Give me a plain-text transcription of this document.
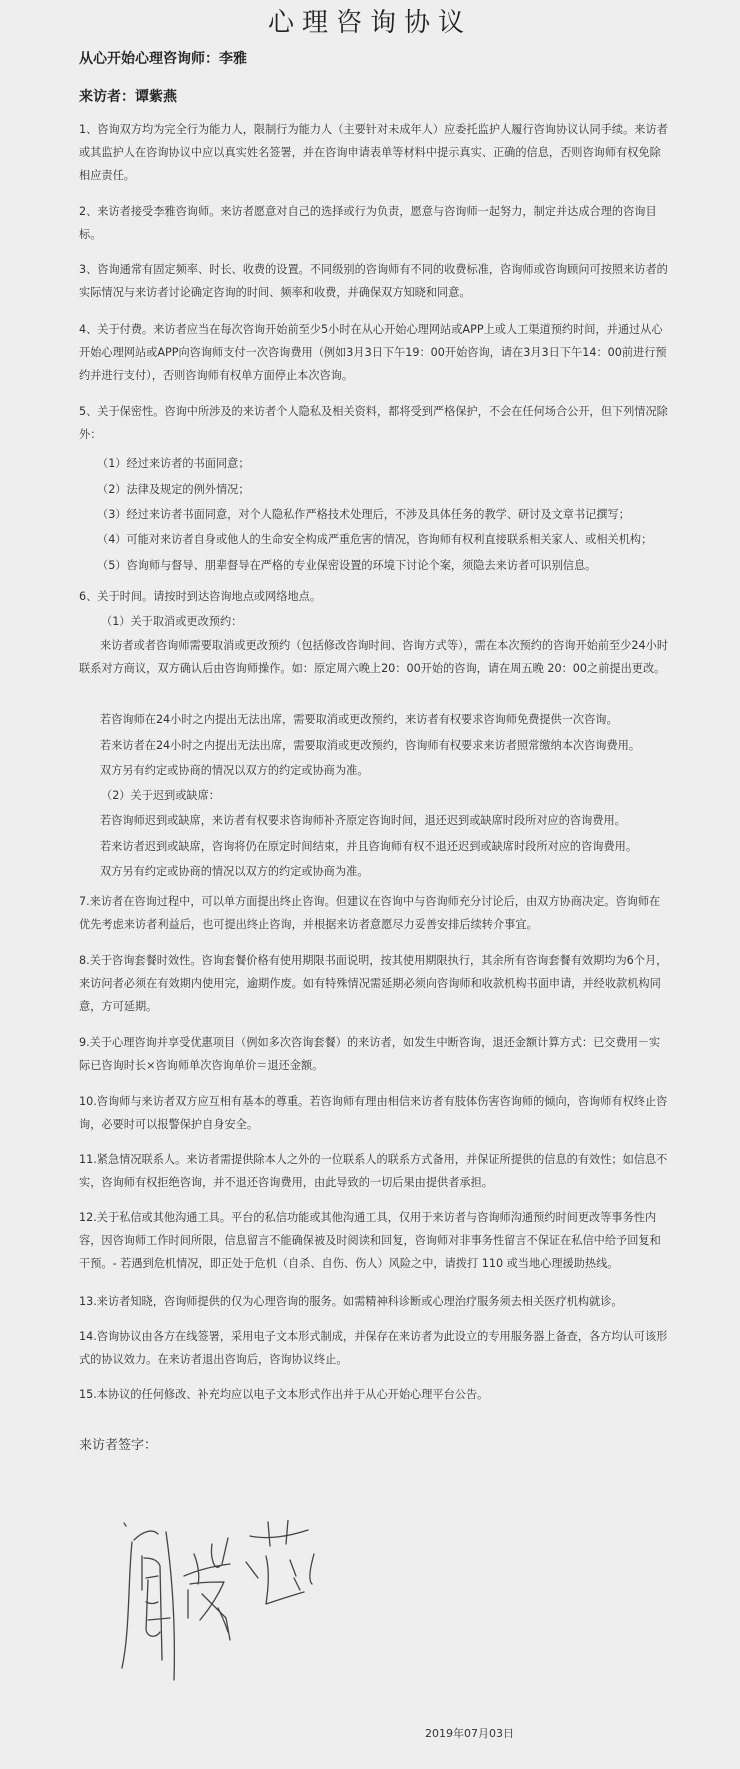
心理咨询协议
从心开始心理咨询师：李雅
来访者：谭紫燕

1、咨询双方均为完全行为能力人，限制行为能力人（主要针对未成年人）应委托监护人履行咨询协议认同手续。来访者或其监护人在咨询协议中应以真实姓名签署，并在咨询申请表单等材料中提示真实、正确的信息，否则咨询师有权免除相应责任。

2、来访者接受李雅咨询师。来访者愿意对自己的选择或行为负责，愿意与咨询师一起努力，制定并达成合理的咨询目标。

3、咨询通常有固定频率、时长、收费的设置。不同级别的咨询师有不同的收费标准，咨询师或咨询顾问可按照来访者的实际情况与来访者讨论确定咨询的时间、频率和收费，并确保双方知晓和同意。

4、关于付费。来访者应当在每次咨询开始前至少5小时在从心开始心理网站或APP上或人工渠道预约时间，并通过从心开始心理网站或APP向咨询师支付一次咨询费用（例如3月3日下午19：00开始咨询，请在3月3日下午14：00前进行预约并进行支付），否则咨询师有权单方面停止本次咨询。

5、关于保密性。咨询中所涉及的来访者个人隐私及相关资料，都将受到严格保护，不会在任何场合公开，但下列情况除外：

（1）经过来访者的书面同意；
（2）法律及规定的例外情况；
（3）经过来访者书面同意，对个人隐私作严格技术处理后，不涉及具体任务的教学、研讨及文章书记撰写；
（4）可能对来访者自身或他人的生命安全构成严重危害的情况，咨询师有权利直接联系相关家人、或相关机构；
（5）咨询师与督导、朋辈督导在严格的专业保密设置的环境下讨论个案，须隐去来访者可识别信息。
6、关于时间。请按时到达咨询地点或网络地点。
（1）关于取消或更改预约：

来访者或者咨询师需要取消或更改预约（包括修改咨询时间、咨询方式等），需在本次预约的咨询开始前至少24小时联系对方商议，双方确认后由咨询师操作。如：原定周六晚上20：00开始的咨询，请在周五晚 20：00之前提出更改。

若咨询师在24小时之内提出无法出席，需要取消或更改预约，来访者有权要求咨询师免费提供一次咨询。
若来访者在24小时之内提出无法出席，需要取消或更改预约，咨询师有权要求来访者照常缴纳本次咨询费用。
双方另有约定或协商的情况以双方的约定或协商为准。
（2）关于迟到或缺席：
若咨询师迟到或缺席，来访者有权要求咨询师补齐原定咨询时间，退还迟到或缺席时段所对应的咨询费用。
若来访者迟到或缺席，咨询将仍在原定时间结束，并且咨询师有权不退还迟到或缺席时段所对应的咨询费用。
双方另有约定或协商的情况以双方的约定或协商为准。

7.来访者在咨询过程中，可以单方面提出终止咨询。但建议在咨询中与咨询师充分讨论后，由双方协商决定。咨询师在优先考虑来访者利益后，也可提出终止咨询，并根据来访者意愿尽力妥善安排后续转介事宜。

8.关于咨询套餐时效性。咨询套餐价格有使用期限书面说明，按其使用期限执行，其余所有咨询套餐有效期均为6个月，来访问者必须在有效期内使用完，逾期作废。如有特殊情况需延期必须向咨询师和收款机构书面申请，并经收款机构同意，方可延期。

9.关于心理咨询并享受优惠项目（例如多次咨询套餐）的来访者，如发生中断咨询，退还金额计算方式：已交费用－实际已咨询时长×咨询师单次咨询单价＝退还金额。

10.咨询师与来访者双方应互相有基本的尊重。若咨询师有理由相信来访者有肢体伤害咨询师的倾向，咨询师有权终止咨询，必要时可以报警保护自身安全。

11.紧急情况联系人。来访者需提供除本人之外的一位联系人的联系方式备用，并保证所提供的信息的有效性；如信息不实，咨询师有权拒绝咨询，并不退还咨询费用，由此导致的一切后果由提供者承担。

12.关于私信或其他沟通工具。平台的私信功能或其他沟通工具，仅用于来访者与咨询师沟通预约时间更改等事务性内容，因咨询师工作时间所限，信息留言不能确保被及时阅读和回复，咨询师对非事务性留言不保证在私信中给予回复和干预。- 若遇到危机情况，即正处于危机（自杀、自伤、伤人）风险之中，请拨打 110 或当地心理援助热线。

13.来访者知晓，咨询师提供的仅为心理咨询的服务。如需精神科诊断或心理治疗服务须去相关医疗机构就诊。

14.咨询协议由各方在线签署，采用电子文本形式制成，并保存在来访者为此设立的专用服务器上备查，各方均认可该形式的协议效力。在来访者退出咨询后，咨询协议终止。

15.本协议的任何修改、补充均应以电子文本形式作出并于从心开始心理平台公告。

来访者签字：
2019年07月03日
